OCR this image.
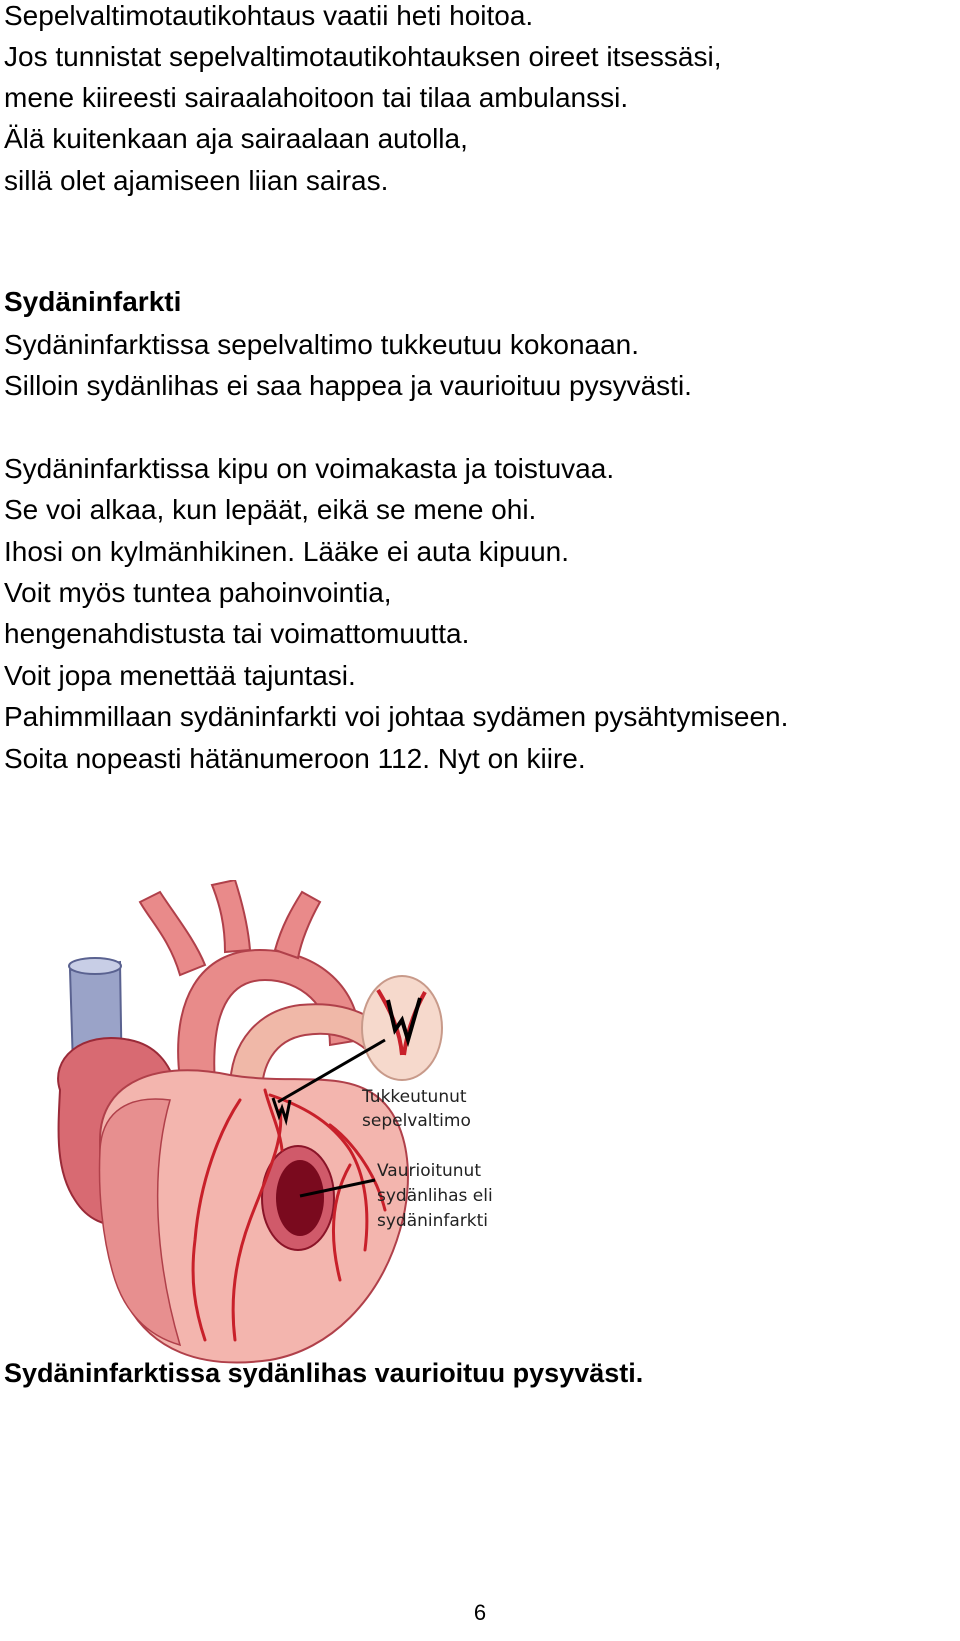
Sepelvaltimotautikohtaus vaatii heti hoitoa.

Jos tunnistat sepelvaltimotautikohtauksen oireet itsessäsi,

mene kiireesti sairaalahoitoon tai tilaa ambulanssi.

Älä kuitenkaan aja sairaalaan autolla,

sillä olet ajamiseen liian sairas.

Sydäninfarkti

Sydäninfarktissa sepelvaltimo tukkeutuu kokonaan.

Silloin sydänlihas ei saa happea ja vaurioituu pysyvästi.

Sydäninfarktissa kipu on voimakasta ja toistuvaa.

Se voi alkaa, kun lepäät, eikä se mene ohi.

Ihosi on kylmänhikinen. Lääke ei auta kipuun.

Voit myös tuntea pahoinvointia,

hengenahdistusta tai voimattomuutta.

Voit jopa menettää tajuntasi.

Pahimmillaan sydäninfarkti voi johtaa sydämen pysähtymiseen.

Soita nopeasti hätänumeroon 112. Nyt on kiire.

Tukkeutunut
sepelvaltimo
Vaurioitunut
sydänlihas eli
sydäninfarkti

Sydäninfarktissa sydänlihas vaurioituu pysyvästi.

6
